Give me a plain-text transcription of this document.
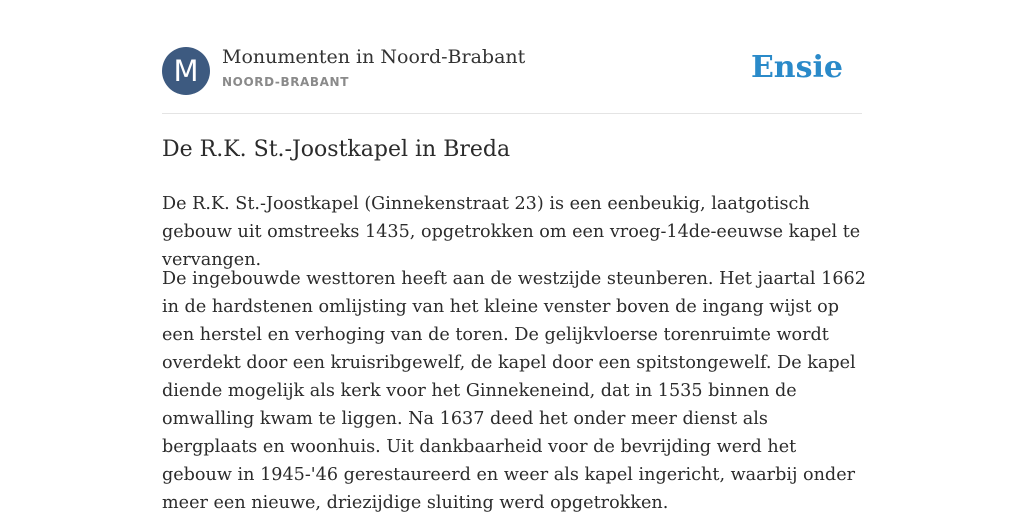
M	Monumenten in Noord-Brabant
NOORD-BRABANT	Ensie
De R.K. St.-Joostkapel in Breda

De R.K. St.-Joostkapel (Ginnekenstraat 23) is een eenbeukig, laatgotisch gebouw uit omstreeks 1435, opgetrokken om een vroeg-14de-eeuwse kapel te vervangen.

De ingebouwde westtoren heeft aan de westzijde steunberen. Het jaartal 1662 in de hardstenen omlijsting van het kleine venster boven de ingang wijst op een herstel en verhoging van de toren. De gelijkvloerse torenruimte wordt overdekt door een kruisribgewelf, de kapel door een spitstongewelf. De kapel diende mogelijk als kerk voor het Ginnekeneind, dat in 1535 binnen de omwalling kwam te liggen. Na 1637 deed het onder meer dienst als bergplaats en woonhuis. Uit dankbaarheid voor de bevrijding werd het gebouw in 1945-'46 gerestaureerd en weer als kapel ingericht, waarbij onder meer een nieuwe, driezijdige sluiting werd opgetrokken.
